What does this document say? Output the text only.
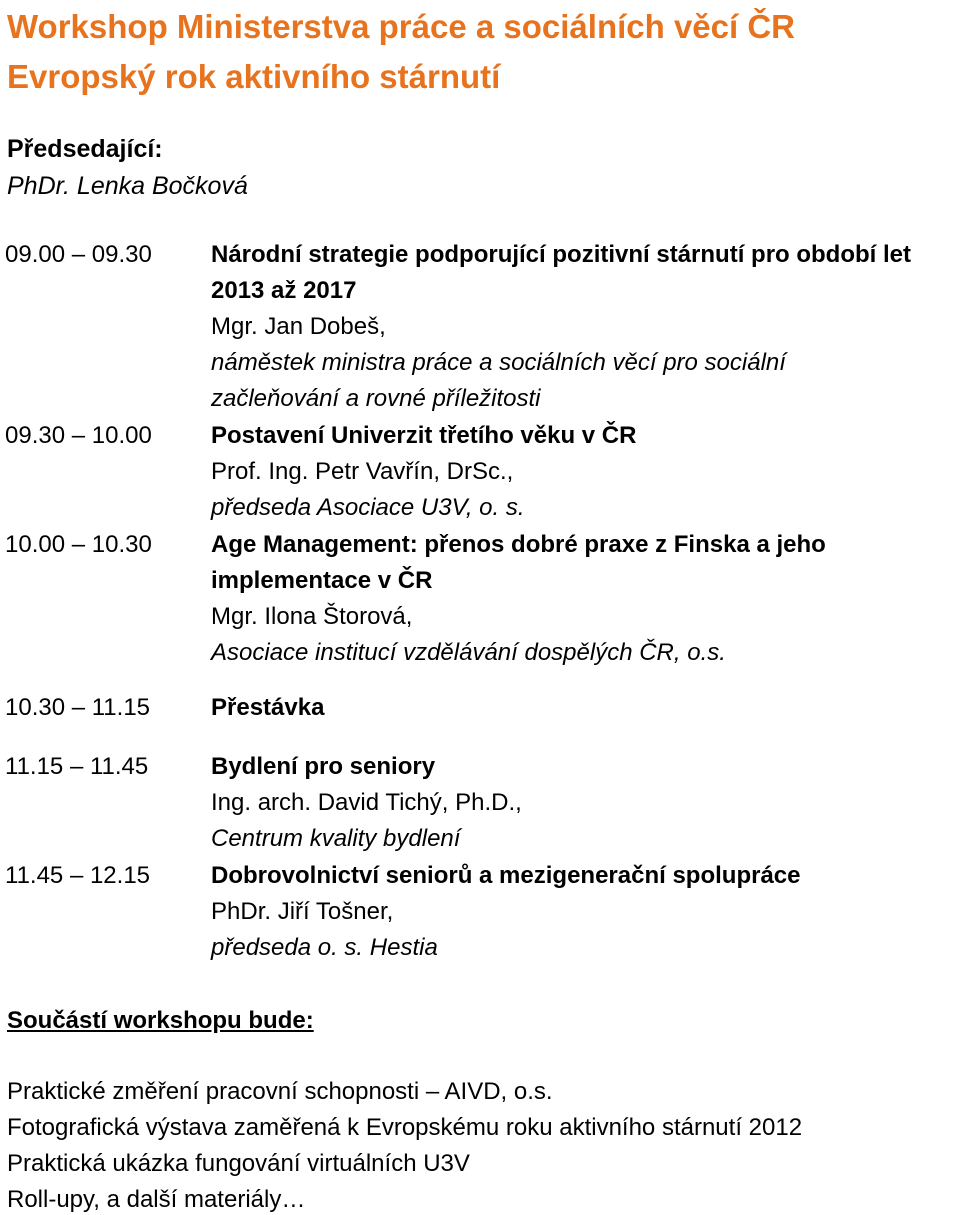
Workshop Ministerstva práce a sociálních věcí ČR
Evropský rok aktivního stárnutí
Předsedající:
PhDr. Lenka Bočková
09.00 – 09.30 Národní strategie podporující pozitivní stárnutí pro období let
2013 až 2017
Mgr. Jan Dobeš,
náměstek ministra práce a sociálních věcí pro sociální
začleňování a rovné příležitosti
09.30 – 10.00 Postavení Univerzit třetího věku v ČR
Prof. Ing. Petr Vavřín, DrSc.,
předseda Asociace U3V, o. s.
10.00 – 10.30 Age Management: přenos dobré praxe z Finska a jeho
implementace v ČR
Mgr. Ilona Štorová,
Asociace institucí vzdělávání dospělých ČR, o.s.
10.30 – 11.15	Přestávka
11.15 – 11.45	Bydlení pro seniory
Ing. arch. David Tichý, Ph.D.,
Centrum kvality bydlení
11.45 – 12.15	Dobrovolnictví seniorů a mezigenerační spolupráce
PhDr. Jiří Tošner,
předseda o. s. Hestia
Součástí workshopu bude:
Praktické změření pracovní schopnosti – AIVD, o.s.
Fotografická výstava zaměřená k Evropskému roku aktivního stárnutí 2012
Praktická ukázka fungování virtuálních U3V
Roll-upy, a další materiály…
